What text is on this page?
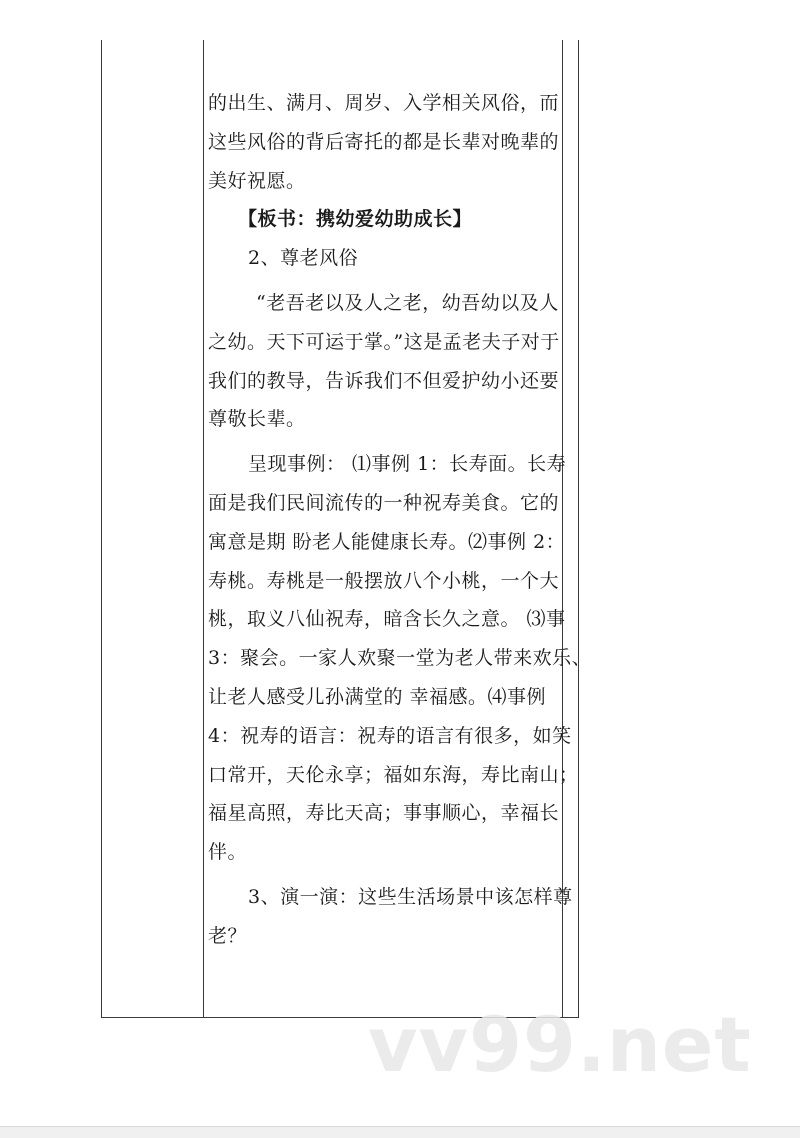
的出生、满月、周岁、入学相关风俗，而
这些风俗的背后寄托的都是长辈对晚辈的
美好祝愿。
【板书：携幼爱幼助成长】
2、尊老风俗
“老吾老以及人之老，幼吾幼以及人
之幼。天下可运于掌。”这是孟老夫子对于
我们的教导，告诉我们不但爱护幼小还要
尊敬长辈。
呈现事例： ⑴事例 1：长寿面。长寿
面是我们民间流传的一种祝寿美食。它的
寓意是期 盼老人能健康长寿。⑵事例 2：
寿桃。寿桃是一般摆放八个小桃，一个大
桃，取义八仙祝寿，暗含长久之意。 ⑶事
3：聚会。一家人欢聚一堂为老人带来欢乐、
让老人感受儿孙满堂的 幸福感。⑷事例
4：祝寿的语言：祝寿的语言有很多，如笑
口常开，天伦永享；福如东海，寿比南山；
福星高照，寿比天高；事事顺心，幸福长
伴。
3、演一演：这些生活场景中该怎样尊
老？
vv99.net
